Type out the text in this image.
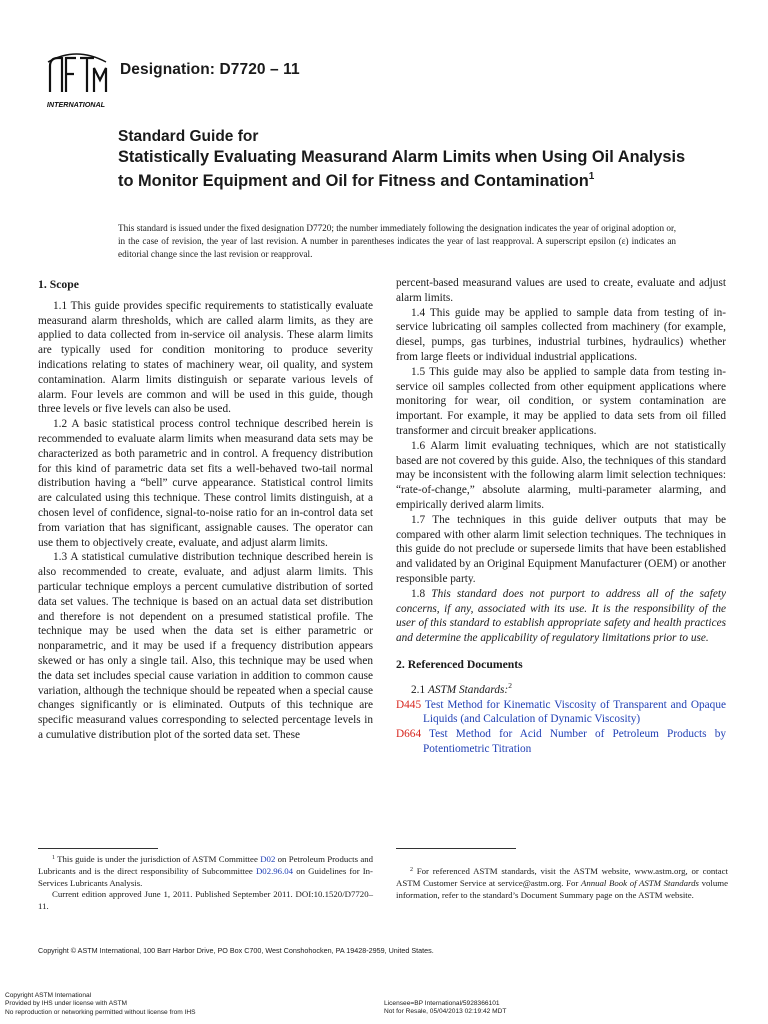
INTERNATIONAL
Designation: D7720 – 11
Standard Guide for
Statistically Evaluating Measurand Alarm Limits when Using Oil Analysis to Monitor Equipment and Oil for Fitness and Contamination$^1$
This standard is issued under the fixed designation D7720; the number immediately following the designation indicates the year of original adoption or, in the case of revision, the year of last revision. A number in parentheses indicates the year of last reapproval. A superscript epsilon (ε) indicates an editorial change since the last revision or reapproval.
1. Scope

1.1 This guide provides specific requirements to statistically evaluate measurand alarm thresholds, which are called alarm limits, as they are applied to data collected from in-service oil analysis. These alarm limits are typically used for condition monitoring to produce severity indications relating to states of machinery wear, oil quality, and system contamination. Alarm limits distinguish or separate various levels of alarm. Four levels are common and will be used in this guide, though three levels or five levels can also be used.

1.2 A basic statistical process control technique described herein is recommended to evaluate alarm limits when measurand data sets may be characterized as both parametric and in control. A frequency distribution for this kind of parametric data set fits a well-behaved two-tail normal distribution having a “bell” curve appearance. Statistical control limits are calculated using this technique. These control limits distinguish, at a chosen level of confidence, signal-to-noise ratio for an in-control data set from variation that has significant, assignable causes. The operator can use them to objectively create, evaluate, and adjust alarm limits.

1.3 A statistical cumulative distribution technique described herein is also recommended to create, evaluate, and adjust alarm limits. This particular technique employs a percent cumulative distribution of sorted data set values. The technique is based on an actual data set distribution and therefore is not dependent on a presumed statistical profile. The technique may be used when the data set is either parametric or nonparametric, and it may be used if a frequency distribution appears skewed or has only a single tail. Also, this technique may be used when the data set includes special cause variation in addition to common cause variation, although the technique should be repeated when a special cause changes significantly or is eliminated. Outputs of this technique are specific measurand values corresponding to selected percentage levels in a cumulative distribution plot of the sorted data set. These

percent-based measurand values are used to create, evaluate and adjust alarm limits.

1.4 This guide may be applied to sample data from testing of in-service lubricating oil samples collected from machinery (for example, diesel, pumps, gas turbines, industrial turbines, hydraulics) whether from large fleets or individual industrial applications.

1.5 This guide may also be applied to sample data from testing in-service oil samples collected from other equipment applications where monitoring for wear, oil condition, or system contamination are important. For example, it may be applied to data sets from oil filled transformer and circuit breaker applications.

1.6 Alarm limit evaluating techniques, which are not statistically based are not covered by this guide. Also, the techniques of this standard may be inconsistent with the following alarm limit selection techniques: “rate-of-change,” absolute alarming, multi-parameter alarming, and empirically derived alarm limits.

1.7 The techniques in this guide deliver outputs that may be compared with other alarm limit selection techniques. The techniques in this guide do not preclude or supersede limits that have been established and validated by an Original Equipment Manufacturer (OEM) or another responsible party.

1.8 This standard does not purport to address all of the safety concerns, if any, associated with its use. It is the responsibility of the user of this standard to establish appropriate safety and health practices and determine the applicability of regulatory limitations prior to use.

2. Referenced Documents

2.1 ASTM Standards:$^2$

D445 Test Method for Kinematic Viscosity of Transparent and Opaque Liquids (and Calculation of Dynamic Viscosity)

D664 Test Method for Acid Number of Petroleum Products by Potentiometric Titration

$^1$ This guide is under the jurisdiction of ASTM Committee D02 on Petroleum Products and Lubricants and is the direct responsibility of Subcommittee D02.96.04 on Guidelines for In-Services Lubricants Analysis.
Current edition approved June 1, 2011. Published September 2011. DOI:10.1520/D7720–11.
$^2$ For referenced ASTM standards, visit the ASTM website, www.astm.org, or contact ASTM Customer Service at service@astm.org. For Annual Book of ASTM Standards volume information, refer to the standard’s Document Summary page on the ASTM website.
Copyright © ASTM International, 100 Barr Harbor Drive, PO Box C700, West Conshohocken, PA 19428-2959, United States.
Copyright ASTM International
Provided by IHS under license with ASTM
No reproduction or networking permitted without license from IHS
Licensee=BP International/5928366101
Not for Resale, 05/04/2013 02:19:42 MDT
